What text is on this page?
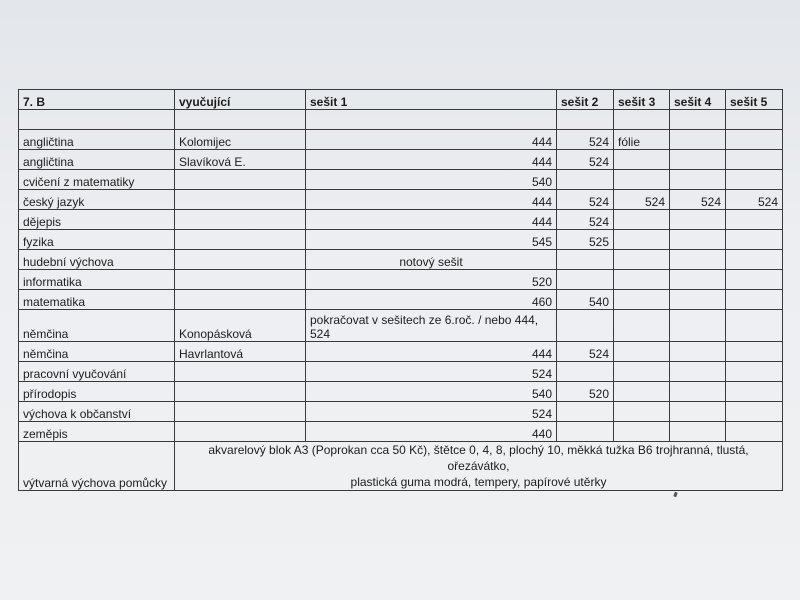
7. B	vyučující	sešit 1	sešit 2	sešit 3	sešit 4	sešit 5

angličtina	Kolomijec	444	524	fólie		
angličtina	Slavíková E.	444	524			
cvičení z matematiky		540				
český jazyk		444	524	524	524	524
dějepis		444	524			
fyzika		545	525			
hudební výchova		notový sešit				
informatika		520				
matematika		460	540			
němčina	Konopásková	pokračovat v sešitech ze 6.roč. / nebo 444, 524				
němčina	Havrlantová	444	524			
pracovní vyučování		524				
přírodopis		540	520			
výchova k občanství		524				
zeměpis		440				
výtvarná výchova pomůcky	akvarelový blok A3 (Poprokan cca 50 Kč), štětce 0, 4, 8, plochý 10, měkká tužka B6 trojhranná, tlustá, ořezávátko,
plastická guma modrá, tempery, papírové utěrky					
